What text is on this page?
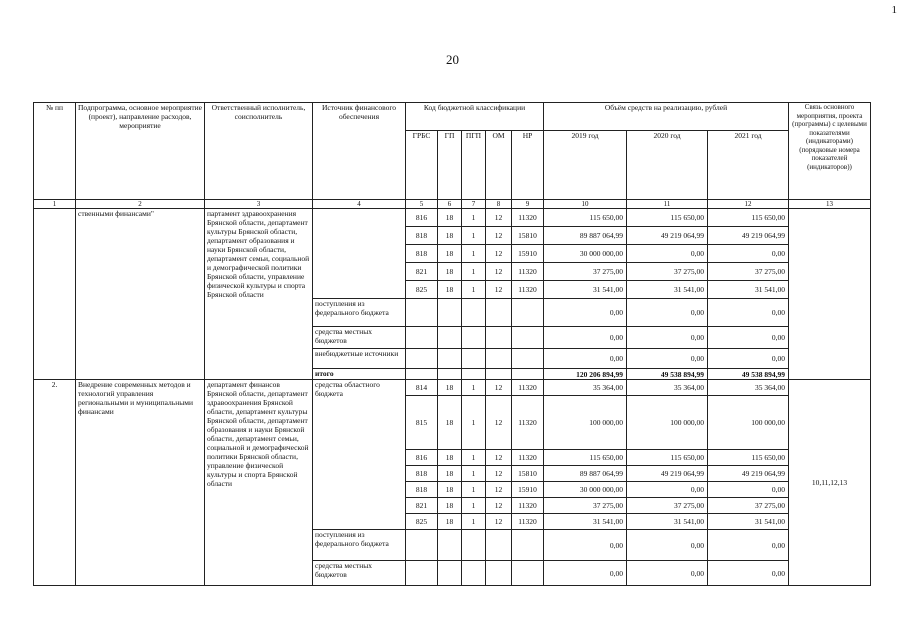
1
20
№ пп	Подпрограмма, основное мероприятие (проект), направление расходов, мероприятие	Ответственный исполнитель, соисполнитель	Источник финансового обеспечения	Код бюджетной классификации					Объём средств на реализацию, рублей			Связь основного мероприятия, проекта (программы) с целевыми показателями (индикаторами) (порядковые номера показателей (индикаторов))
				ГРБС	ГП	ПГП	ОМ	НР	2019 год	2020 год	2021 год	
1	2	3	4	5	6	7	8	9	10	11	12	13
	ственными финансами"	партамент здравоохранения Брянской области, департамент культуры Брянской области, департамент образования и науки Брянской области, департамент семьи, социальной и демографической политики Брянской области, управление физической культуры и спорта Брянской области		816	18	1	12	11320	115 650,00	115 650,00	115 650,00	
				818	18	1	12	15810	89 887 064,99	49 219 064,99	49 219 064,99	
				818	18	1	12	15910	30 000 000,00	0,00	0,00	
				821	18	1	12	11320	37 275,00	37 275,00	37 275,00	
				825	18	1	12	11320	31 541,00	31 541,00	31 541,00	
			поступления из федерального бюджета						0,00	0,00	0,00	
			средства местных бюджетов						0,00	0,00	0,00	
			внебюджетные источники						0,00	0,00	0,00	
			итого						120 206 894,99	49 538 894,99	49 538 894,99	
2.	Внедрение современных методов и технологий управления региональными и муниципальными финансами	департамент финансов Брянской области, департамент здравоохранения Брянской области, департамент культуры Брянской области, департамент образования и науки Брянской области, департамент семьи, социальной и демографической политики Брянской области, управление физической культуры и спорта Брянской области	средства областного бюджета	814	18	1	12	11320	35 364,00	35 364,00	35 364,00	10,11,12,13
				815	18	1	12	11320	100 000,00	100 000,00	100 000,00	
				816	18	1	12	11320	115 650,00	115 650,00	115 650,00	
				818	18	1	12	15810	89 887 064,99	49 219 064,99	49 219 064,99	
				818	18	1	12	15910	30 000 000,00	0,00	0,00	
				821	18	1	12	11320	37 275,00	37 275,00	37 275,00	
				825	18	1	12	11320	31 541,00	31 541,00	31 541,00	
			поступления из федерального бюджета						0,00	0,00	0,00	
			средства местных бюджетов						0,00	0,00	0,00	
